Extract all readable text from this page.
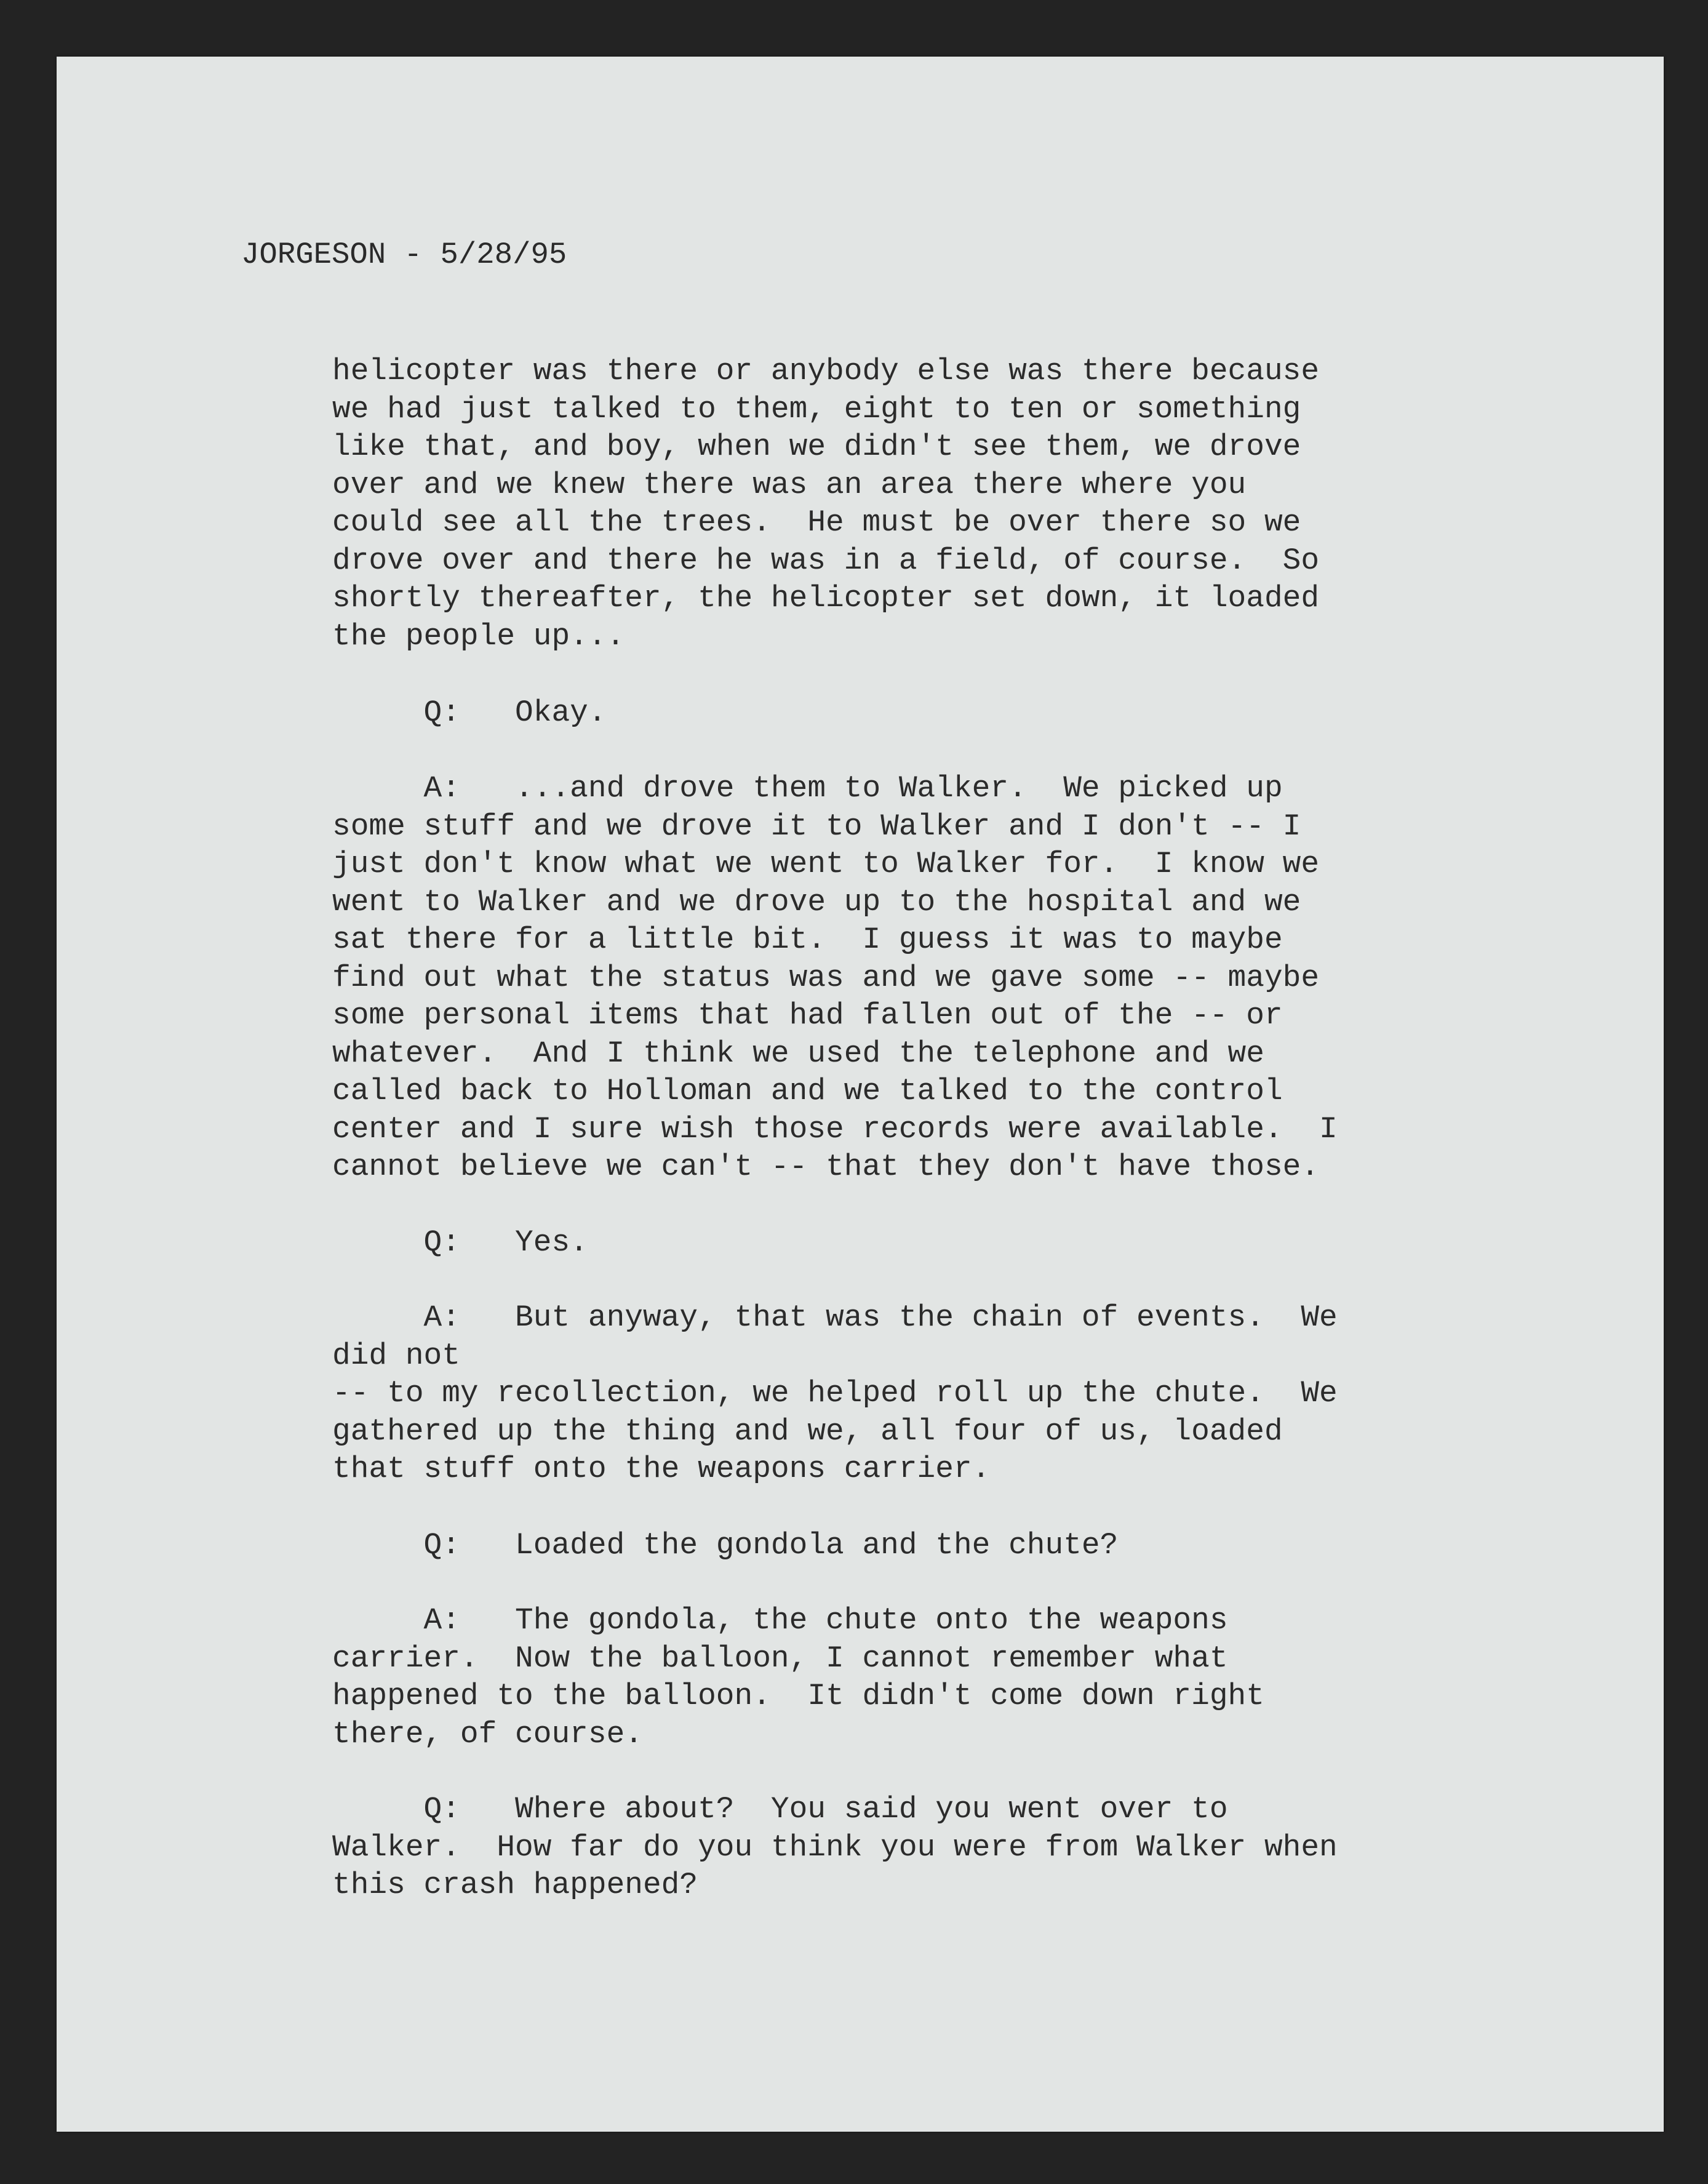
JORGESON - 5/28/95

helicopter was there or anybody else was there because
we had just talked to them, eight to ten or something
like that, and boy, when we didn't see them, we drove
over and we knew there was an area there where you
could see all the trees.  He must be over there so we
drove over and there he was in a field, of course.  So
shortly thereafter, the helicopter set down, it loaded
the people up...

Q:   Okay.

A:   ...and drove them to Walker.  We picked up
some stuff and we drove it to Walker and I don't -- I
just don't know what we went to Walker for.  I know we
went to Walker and we drove up to the hospital and we
sat there for a little bit.  I guess it was to maybe
find out what the status was and we gave some -- maybe
some personal items that had fallen out of the -- or
whatever.  And I think we used the telephone and we
called back to Holloman and we talked to the control
center and I sure wish those records were available.  I
cannot believe we can't -- that they don't have those.

Q:   Yes.

A:   But anyway, that was the chain of events.  We
did not
-- to my recollection, we helped roll up the chute.  We
gathered up the thing and we, all four of us, loaded
that stuff onto the weapons carrier.

Q:   Loaded the gondola and the chute?

A:   The gondola, the chute onto the weapons
carrier.  Now the balloon, I cannot remember what
happened to the balloon.  It didn't come down right
there, of course.

Q:   Where about?  You said you went over to
Walker.  How far do you think you were from Walker when
this crash happened?
